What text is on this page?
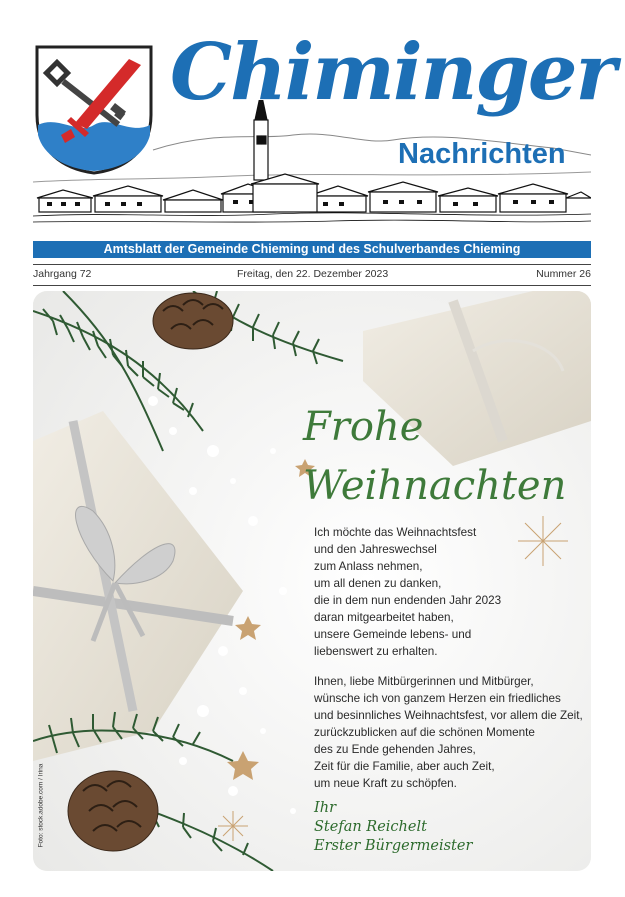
Chiminger
Nachrichten
Amtsblatt der Gemeinde Chieming und des Schulverbandes Chieming
Jahrgang 72	Freitag, den 22. Dezember 2023	Nummer 26
Frohe
Weihnachten
Ich möchte das Weihnachtsfest
und den Jahreswechsel
zum Anlass nehmen,
um all denen zu danken,
die in dem nun endenden Jahr 2023
daran mitgearbeitet haben,
unsere Gemeinde lebens- und
liebenswert zu erhalten.
Ihnen, liebe Mitbürgerinnen und Mitbürger,
wünsche ich von ganzem Herzen ein friedliches
und besinnliches Weihnachtsfest, vor allem die Zeit,
zurückzublicken auf die schönen Momente
des zu Ende gehenden Jahres,
Zeit für die Familie, aber auch Zeit,
um neue Kraft zu schöpfen.
Ihr
Stefan Reichelt
Erster Bürgermeister
Foto: stock.adobe.com / Irina
